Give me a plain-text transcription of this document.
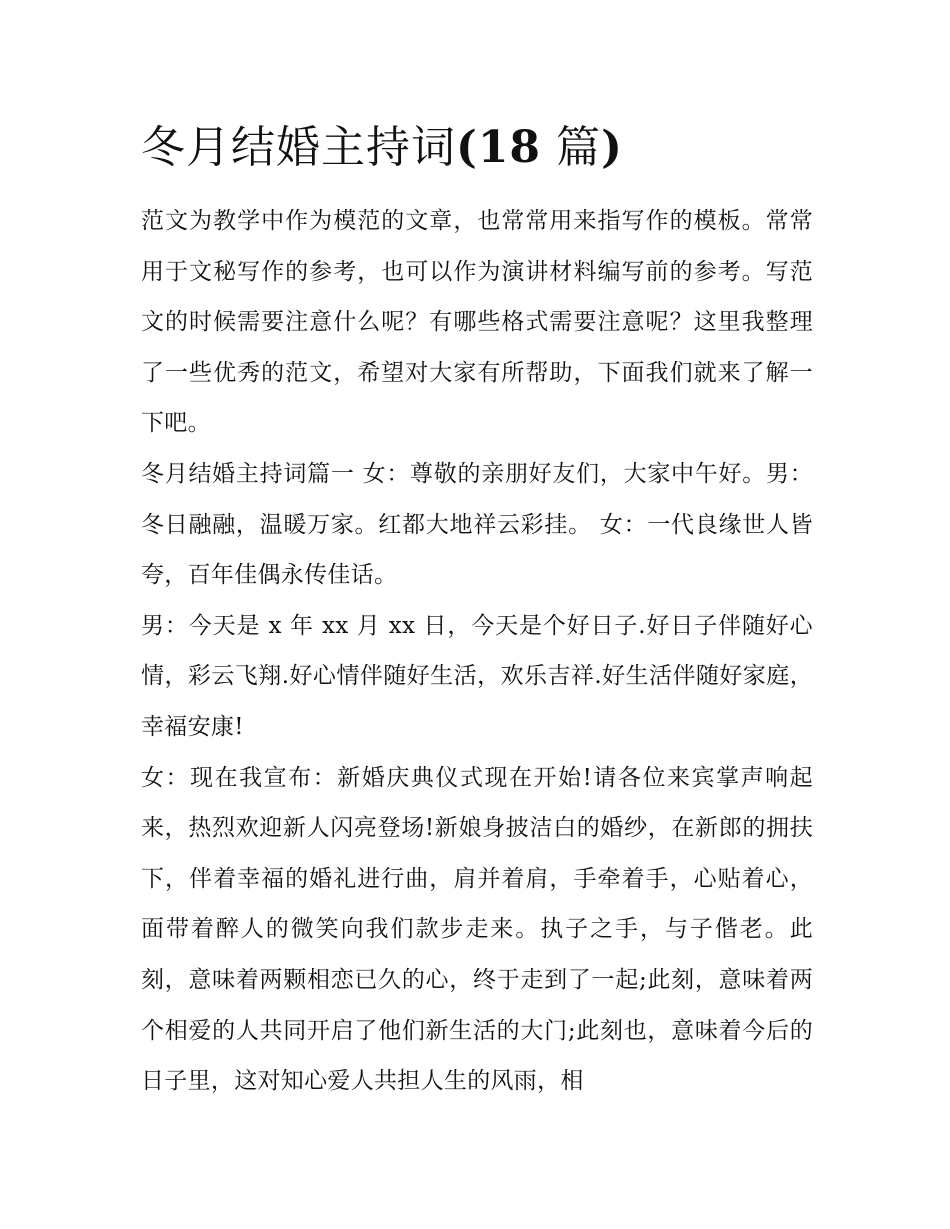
冬月结婚主持词(18 篇)

范文为教学中作为模范的文章，也常常用来指写作的模板。常常用于文秘写作的参考，也可以作为演讲材料编写前的参考。写范文的时候需要注意什么呢？有哪些格式需要注意呢？这里我整理了一些优秀的范文，希望对大家有所帮助，下面我们就来了解一下吧。

冬月结婚主持词篇一 女：尊敬的亲朋好友们，大家中午好。男：冬日融融，温暖万家。红都大地祥云彩挂。 女：一代良缘世人皆夸，百年佳偶永传佳话。

男：今天是 x 年 xx 月 xx 日，今天是个好日子.好日子伴随好心情，彩云飞翔.好心情伴随好生活，欢乐吉祥.好生活伴随好家庭，幸福安康!

女：现在我宣布：新婚庆典仪式现在开始!请各位来宾掌声响起来，热烈欢迎新人闪亮登场!新娘身披洁白的婚纱，在新郎的拥扶下，伴着幸福的婚礼进行曲，肩并着肩，手牵着手，心贴着心，面带着醉人的微笑向我们款步走来。执子之手，与子偕老。此刻，意味着两颗相恋已久的心，终于走到了一起;此刻，意味着两个相爱的人共同开启了他们新生活的大门;此刻也，意味着今后的日子里，这对知心爱人共担人生的风雨，相
